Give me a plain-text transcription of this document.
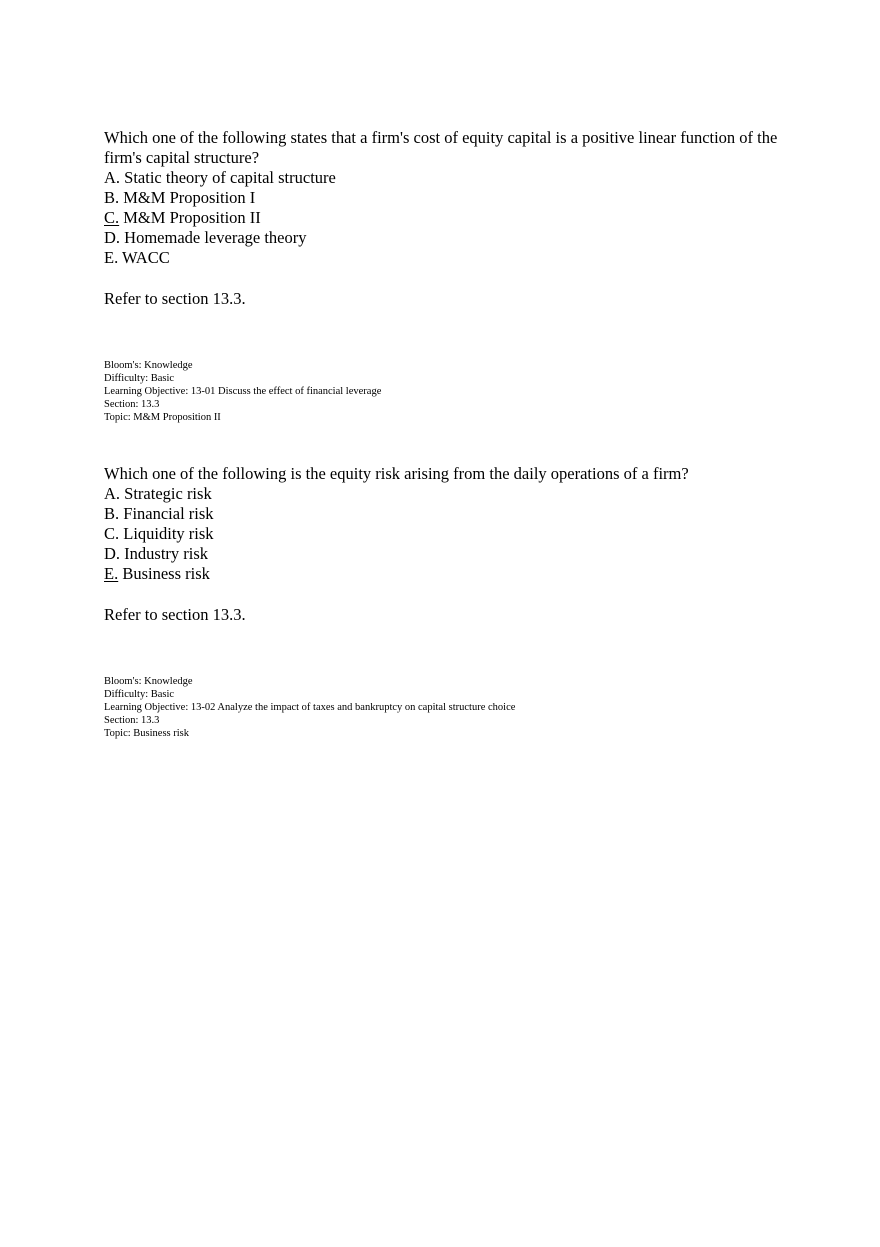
Which one of the following states that a firm's cost of equity capital is a positive linear function of the firm's capital structure?

A. Static theory of capital structure
B. M&M Proposition I
C. M&M Proposition II
D. Homemade leverage theory
E. WACC

Refer to section 13.3.

Bloom's: Knowledge
Difficulty: Basic
Learning Objective: 13-01 Discuss the effect of financial leverage
Section: 13.3
Topic: M&M Proposition II

Which one of the following is the equity risk arising from the daily operations of a firm?

A. Strategic risk
B. Financial risk
C. Liquidity risk
D. Industry risk
E. Business risk

Refer to section 13.3.

Bloom's: Knowledge
Difficulty: Basic
Learning Objective: 13-02 Analyze the impact of taxes and bankruptcy on capital structure choice
Section: 13.3
Topic: Business risk
